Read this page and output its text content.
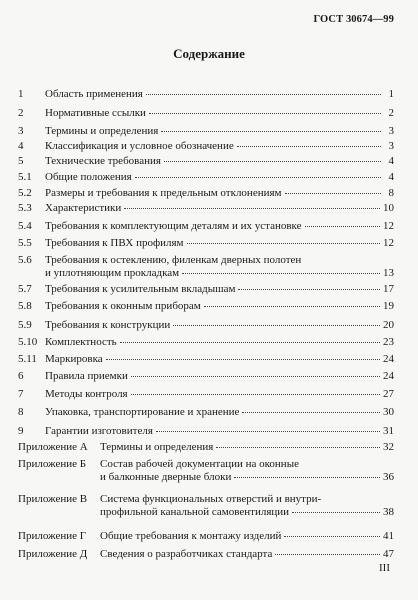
ГОСТ 30674—99
Содержание
1 Область применения	1
2 Нормативные ссылки	2
3 Термины и определения	3
4 Классификация и условное обозначение	3
5 Технические требования	4
5.1 Общие положения	4
5.2 Размеры и требования к предельным отклонениям	8
5.3 Характеристики	10
5.4 Требования к комплектующим деталям и их установке	12
5.5 Требования к ПВХ профилям	12
5.6 Требования к остеклению, филенкам дверных полотен
и уплотняющим прокладкам	13
5.7 Требования к усилительным вкладышам	17
5.8 Требования к оконным приборам	19
5.9 Требования к конструкции	20
5.10 Комплектность	23
5.11 Маркировка	24
6 Правила приемки	24
7 Методы контроля	27
8 Упаковка, транспортирование и хранение	30
9 Гарантии изготовителя	31
Приложение А Термины и определения	32
Приложение Б Состав рабочей документации на оконные
и балконные дверные блоки	36
Приложение В Система функциональных отверстий и внутри-
профильной канальной самовентиляции	38
Приложение Г Общие требования к монтажу изделий	41
Приложение Д Сведения о разработчиках стандарта	47
III
